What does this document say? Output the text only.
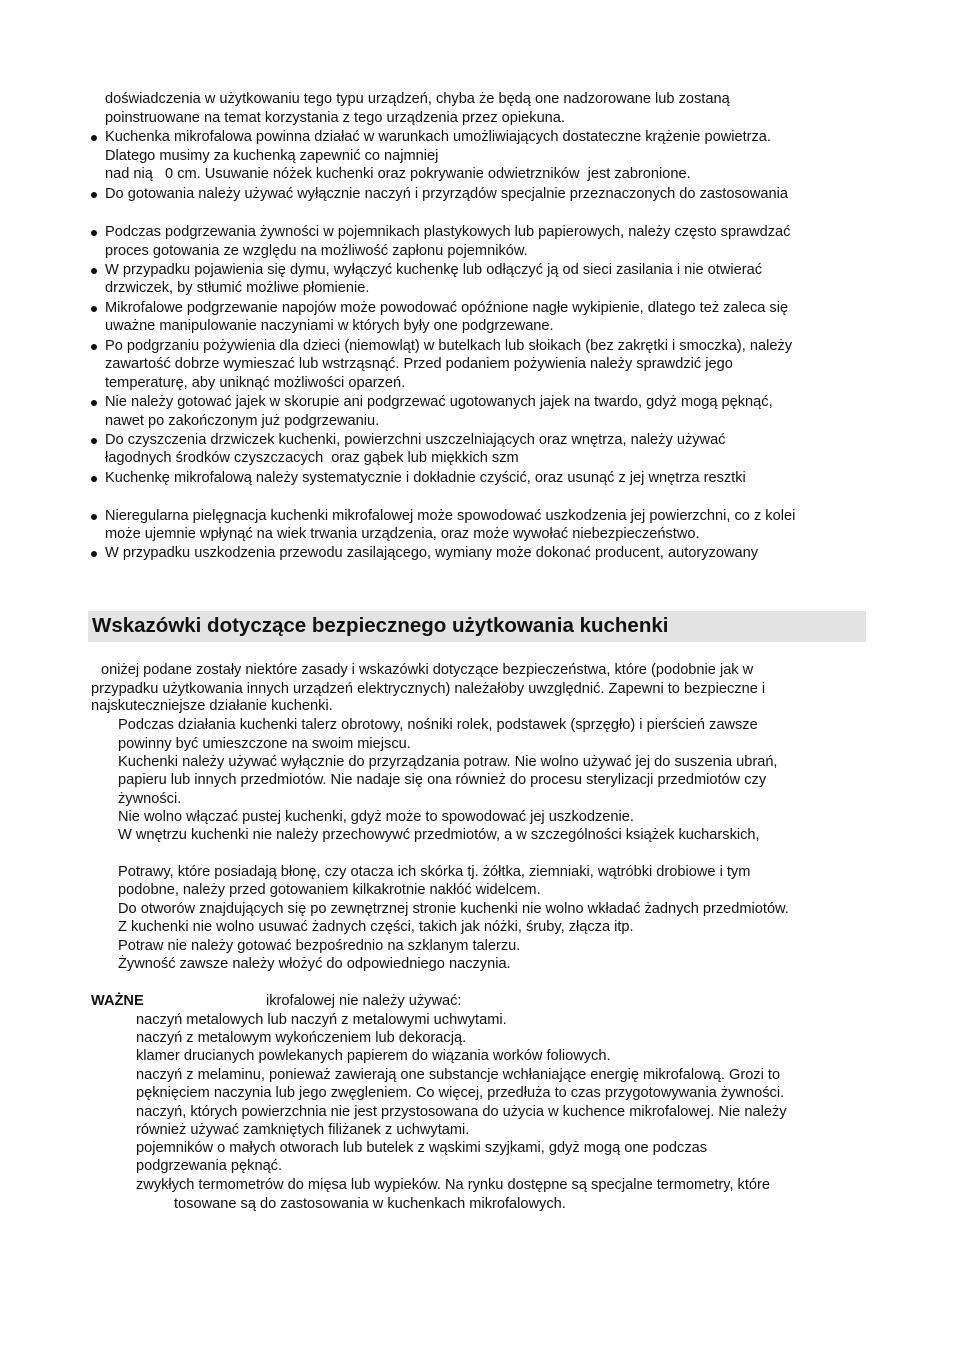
doświadczenia w użytkowaniu tego typu urządzeń, chyba że będą one nadzorowane lub zostaną
poinstruowane na temat korzystania z tego urządzenia przez opiekuna.
Kuchenka mikrofalowa powinna działać w warunkach umożliwiających dostateczne krążenie powietrza.
Dlatego musimy za kuchenką zapewnić co najmniej
nad nią   0 cm. Usuwanie nóżek kuchenki oraz pokrywanie odwietrzników  jest zabronione.
Do gotowania należy używać wyłącznie naczyń i przyrządów specjalnie przeznaczonych do zastosowania
Podczas podgrzewania żywności w pojemnikach plastykowych lub papierowych, należy często sprawdzać
proces gotowania ze względu na możliwość zapłonu pojemników.
W przypadku pojawienia się dymu, wyłączyć kuchenkę lub odłączyć ją od sieci zasilania i nie otwierać
drzwiczek, by stłumić możliwe płomienie.
Mikrofalowe podgrzewanie napojów może powodować opóźnione nagłe wykipienie, dlatego też zaleca się
uważne manipulowanie naczyniami w których były one podgrzewane.
Po podgrzaniu pożywienia dla dzieci (niemowląt) w butelkach lub słoikach (bez zakrętki i smoczka), należy
zawartość dobrze wymieszać lub wstrząsnąć. Przed podaniem pożywienia należy sprawdzić jego
temperaturę, aby uniknąć możliwości oparzeń.
Nie należy gotować jajek w skorupie ani podgrzewać ugotowanych jajek na twardo, gdyż mogą pęknąć,
nawet po zakończonym już podgrzewaniu.
Do czyszczenia drzwiczek kuchenki, powierzchni uszczelniających oraz wnętrza, należy używać
łagodnych środków czyszczacych  oraz gąbek lub miękkich szm
Kuchenkę mikrofalową należy systematycznie i dokładnie czyścić, oraz usunąć z jej wnętrza resztki
Nieregularna pielęgnacja kuchenki mikrofalowej może spowodować uszkodzenia jej powierzchni, co z kolei
może ujemnie wpłynąć na wiek trwania urządzenia, oraz może wywołać niebezpieczeństwo.
W przypadku uszkodzenia przewodu zasilającego, wymiany może dokonać producent, autoryzowany
Wskazówki dotyczące bezpiecznego użytkowania kuchenki
oniżej podane zostały niektóre zasady i wskazówki dotyczące bezpieczeństwa, które (podobnie jak w
przypadku użytkowania innych urządzeń elektrycznych) należałoby uwzględnić. Zapewni to bezpieczne i
najskuteczniejsze działanie kuchenki.
Podczas działania kuchenki talerz obrotowy, nośniki rolek, podstawek (sprzęgło) i pierścień zawsze
powinny być umieszczone na swoim miejscu.
Kuchenki należy używać wyłącznie do przyrządzania potraw. Nie wolno używać jej do suszenia ubrań,
papieru lub innych przedmiotów. Nie nadaje się ona również do procesu sterylizacji przedmiotów czy
żywności.
Nie wolno włączać pustej kuchenki, gdyż może to spowodować jej uszkodzenie.
W wnętrzu kuchenki nie należy przechowywć przedmiotów, a w szczególności książek kucharskich,
Potrawy, które posiadają błonę, czy otacza ich skórka tj. żółtka, ziemniaki, wątróbki drobiowe i tym
podobne, należy przed gotowaniem kilkakrotnie nakłóć widelcem.
Do otworów znajdujących się po zewnętrznej stronie kuchenki nie wolno wkładać żadnych przedmiotów.
Z kuchenki nie wolno usuwać żadnych części, takich jak nóżki, śruby, złącza itp.
Potraw nie należy gotować bezpośrednio na szklanym talerzu.
Żywność zawsze należy włożyć do odpowiedniego naczynia.
WAŻNE	ikrofalowej nie należy używać:
naczyń metalowych lub naczyń z metalowymi uchwytami.
naczyń z metalowym wykończeniem lub dekoracją.
klamer drucianych powlekanych papierem do wiązania worków foliowych.
naczyń z melaminu, ponieważ zawierają one substancje wchłaniające energię mikrofalową. Grozi to
pęknięciem naczynia lub jego zwęgleniem. Co więcej, przedłuża to czas przygotowywania żywności.
naczyń, których powierzchnia nie jest przystosowana do użycia w kuchence mikrofalowej. Nie należy
również używać zamkniętych filiżanek z uchwytami.
pojemników o małych otworach lub butelek z wąskimi szyjkami, gdyż mogą one podczas
podgrzewania pęknąć.
zwykłych termometrów do mięsa lub wypieków. Na rynku dostępne są specjalne termometry, które
tosowane są do zastosowania w kuchenkach mikrofalowych.
